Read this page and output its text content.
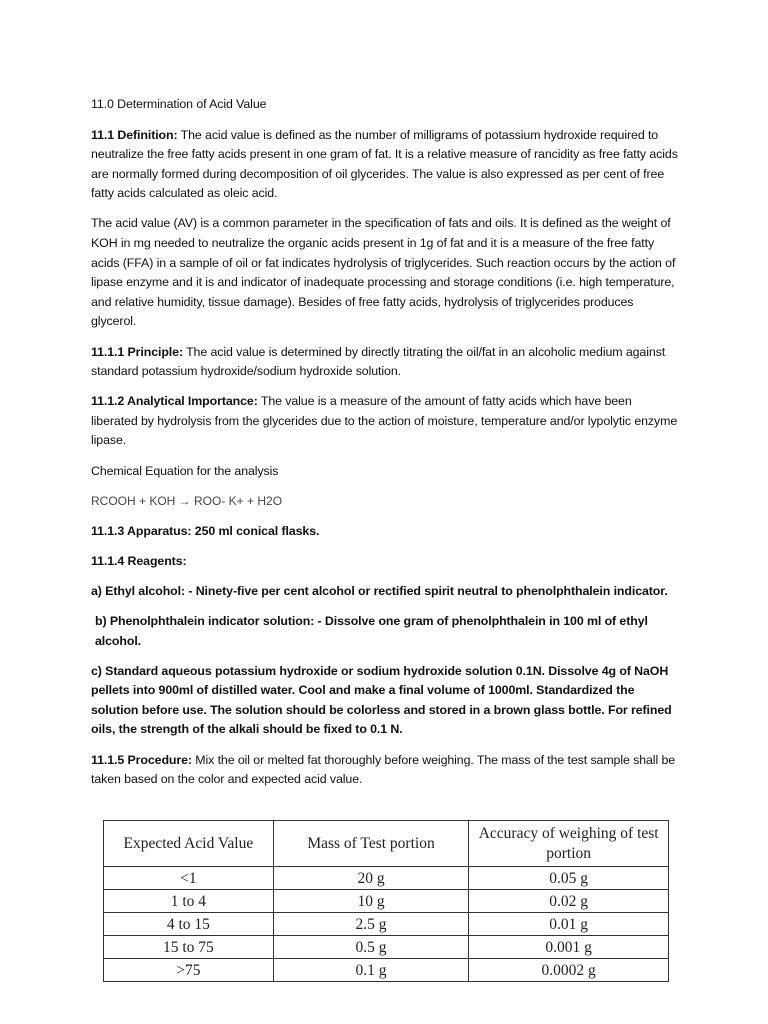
11.0 Determination of Acid Value

11.1 Definition: The acid value is defined as the number of milligrams of potassium hydroxide required to neutralize the free fatty acids present in one gram of fat. It is a relative measure of rancidity as free fatty acids are normally formed during decomposition of oil glycerides. The value is also expressed as per cent of free fatty acids calculated as oleic acid.

The acid value (AV) is a common parameter in the specification of fats and oils. It is defined as the weight of KOH in mg needed to neutralize the organic acids present in 1g of fat and it is a measure of the free fatty acids (FFA) in a sample of oil or fat indicates hydrolysis of triglycerides. Such reaction occurs by the action of lipase enzyme and it is and indicator of inadequate processing and storage conditions (i.e. high temperature, and relative humidity, tissue damage). Besides of free fatty acids, hydrolysis of triglycerides produces glycerol.

11.1.1 Principle: The acid value is determined by directly titrating the oil/fat in an alcoholic medium against standard potassium hydroxide/sodium hydroxide solution.

11.1.2 Analytical Importance: The value is a measure of the amount of fatty acids which have been liberated by hydrolysis from the glycerides due to the action of moisture, temperature and/or lypolytic enzyme lipase.

Chemical Equation for the analysis

RCOOH + KOH → ROO- K+ + H2O

11.1.3 Apparatus: 250 ml conical flasks.

11.1.4 Reagents:

a) Ethyl alcohol: - Ninety-five per cent alcohol or rectified spirit neutral to phenolphthalein indicator.

b) Phenolphthalein indicator solution: - Dissolve one gram of phenolphthalein in 100 ml of ethyl alcohol.

c) Standard aqueous potassium hydroxide or sodium hydroxide solution 0.1N. Dissolve 4g of NaOH pellets into 900ml of distilled water. Cool and make a final volume of 1000ml. Standardized the solution before use. The solution should be colorless and stored in a brown glass bottle. For refined oils, the strength of the alkali should be fixed to 0.1 N.

11.1.5 Procedure: Mix the oil or melted fat thoroughly before weighing. The mass of the test sample shall be taken based on the color and expected acid value.

Expected Acid Value	Mass of Test portion	Accuracy of weighing of test portion
<1	20 g	0.05 g
1 to 4	10 g	0.02 g
4 to 15	2.5 g	0.01 g
15 to 75	0.5 g	0.001 g
>75	0.1 g	0.0002 g
